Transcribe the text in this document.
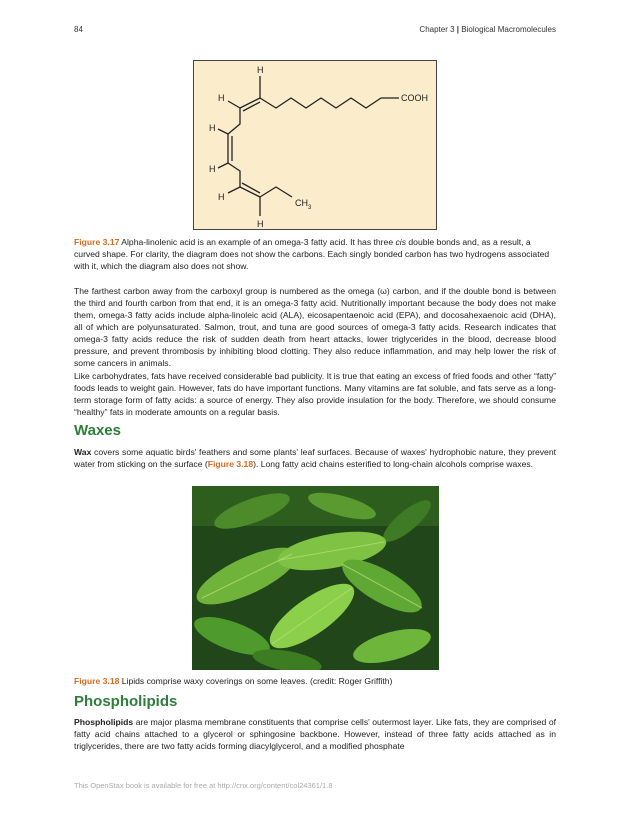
84	Chapter 3 | Biological Macromolecules
H
H
H
H
H
H
COOH
$CH_3$
Figure 3.17 Alpha-linolenic acid is an example of an omega-3 fatty acid. It has three cis double bonds and, as a result, a curved shape. For clarity, the diagram does not show the carbons. Each singly bonded carbon has two hydrogens associated with it, which the diagram also does not show.

The farthest carbon away from the carboxyl group is numbered as the omega (ω) carbon, and if the double bond is between the third and fourth carbon from that end, it is an omega-3 fatty acid. Nutritionally important because the body does not make them, omega-3 fatty acids include alpha-linoleic acid (ALA), eicosapentaenoic acid (EPA), and docosahexaenoic acid (DHA), all of which are polyunsaturated. Salmon, trout, and tuna are good sources of omega-3 fatty acids. Research indicates that omega-3 fatty acids reduce the risk of sudden death from heart attacks, lower triglycerides in the blood, decrease blood pressure, and prevent thrombosis by inhibiting blood clotting. They also reduce inflammation, and may help lower the risk of some cancers in animals.

Like carbohydrates, fats have received considerable bad publicity. It is true that eating an excess of fried foods and other “fatty” foods leads to weight gain. However, fats do have important functions. Many vitamins are fat soluble, and fats serve as a long-term storage form of fatty acids: a source of energy. They also provide insulation for the body. Therefore, we should consume “healthy” fats in moderate amounts on a regular basis.

Waxes

Wax covers some aquatic birds' feathers and some plants' leaf surfaces. Because of waxes' hydrophobic nature, they prevent water from sticking on the surface (Figure 3.18). Long fatty acid chains esterified to long-chain alcohols comprise waxes.

Figure 3.18 Lipids comprise waxy coverings on some leaves. (credit: Roger Griffith)
Phospholipids

Phospholipids are major plasma membrane constituents that comprise cells' outermost layer. Like fats, they are comprised of fatty acid chains attached to a glycerol or sphingosine backbone. However, instead of three fatty acids attached as in triglycerides, there are two fatty acids forming diacylglycerol, and a modified phosphate

This OpenStax book is available for free at http://cnx.org/content/col24361/1.8
